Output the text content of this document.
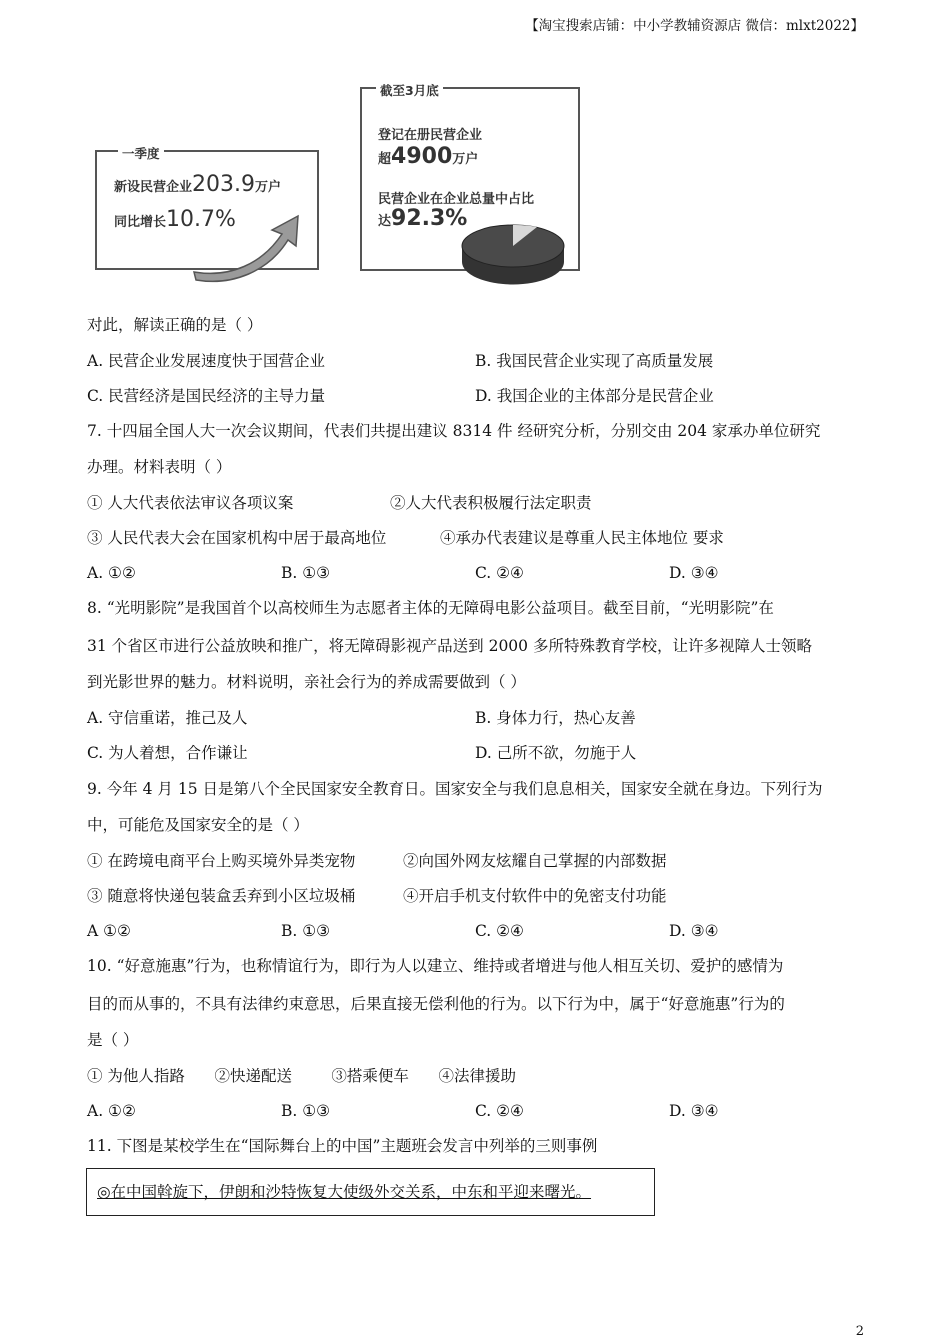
【淘宝搜索店铺：中小学教辅资源店 微信：mlxt2022】
一季度
新设民营企业203.9万户
同比增长10.7%
截至3月底
登记在册民营企业
超4900万户
民营企业在企业总量中占比
达92.3%
对此，解读正确的是（ ）
A. 民营企业发展速度快于国营企业	B. 我国民营企业实现了高质量发展
C. 民营经济是国民经济的主导力量	D. 我国企业的主体部分是民营企业
7. 十四届全国人大一次会议期间，代表们共提出建议 8314 件 经研究分析，分别交由 204 家承办单位研究
办理。材料表明（ ）
① 人大代表依法审议各项议案	②人大代表积极履行法定职责
③ 人民代表大会在国家机构中居于最高地位	④承办代表建议是尊重人民主体地位 要求
A. ①②	B. ①③	C. ②④	D. ③④
8. “光明影院”是我国首个以高校师生为志愿者主体的无障碍电影公益项目。截至目前，“光明影院”在
31 个省区市进行公益放映和推广，将无障碍影视产品送到 2000 多所特殊教育学校，让许多视障人士领略
到光影世界的魅力。材料说明，亲社会行为的养成需要做到（ ）
A. 守信重诺，推己及人	B. 身体力行，热心友善
C. 为人着想，合作谦让	D. 己所不欲，勿施于人
9. 今年 4 月 15 日是第八个全民国家安全教育日。国家安全与我们息息相关，国家安全就在身边。下列行为
中，可能危及国家安全的是（ ）
① 在跨境电商平台上购买境外异类宠物	②向国外网友炫耀自己掌握的内部数据
③ 随意将快递包装盒丢弃到小区垃圾桶	④开启手机支付软件中的免密支付功能
A ①②	B. ①③	C. ②④	D. ③④
10. “好意施惠”行为，也称情谊行为，即行为人以建立、维持或者增进与他人相互关切、爱护的感情为
目的而从事的，不具有法律约束意思，后果直接无偿利他的行为。以下行为中，属于“好意施惠”行为的
是（ ）
① 为他人指路      ②快递配送        ③搭乘便车      ④法律援助
A. ①②	B. ①③	C. ②④	D. ③④
11. 下图是某校学生在“国际舞台上的中国”主题班会发言中列举的三则事例
◎在中国斡旋下，伊朗和沙特恢复大使级外交关系，中东和平迎来曙光。
2
